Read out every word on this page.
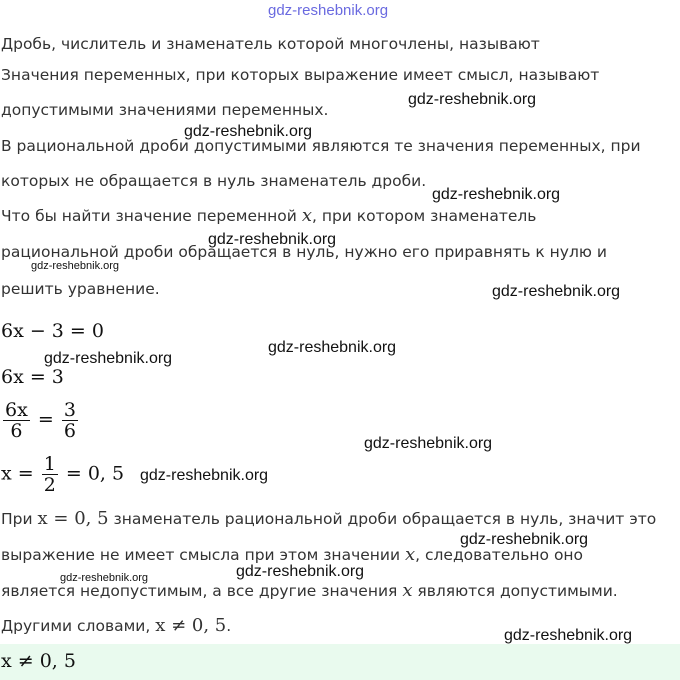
gdz-reshebnik.org
gdz-reshebnik.org
gdz-reshebnik.org
gdz-reshebnik.org
gdz-reshebnik.org
gdz-reshebnik.org
gdz-reshebnik.org
gdz-reshebnik.org
gdz-reshebnik.org
gdz-reshebnik.org
gdz-reshebnik.org
gdz-reshebnik.org
gdz-reshebnik.org
gdz-reshebnik.org
gdz-reshebnik.org

Дробь, числитель и знаменатель которой многочлены, называют

Значения переменных, при которых выражение имеет смысл, называют

допустимыми значениями переменных.

В рациональной дроби допустимыми являются те значения переменных, при

которых не обращается в нуль знаменатель дроби.

Что бы найти значение переменной x, при котором знаменатель

рациональной дроби обращается в нуль, нужно его приравнять к нулю и

решить уравнение.

6x − 3 = 0
6x = 3
$\frac{6x}{6} = \frac{3}{6}$
$x = \frac{1}{2} = 0$, 5

При x = 0, 5 знаменатель рациональной дроби обращается в нуль, значит это

выражение не имеет смысла при этом значении x, следовательно оно

является недопустимым, а все другие значения x являются допустимыми.

Другими словами, x ≠ 0, 5.

x ≠ 0, 5
